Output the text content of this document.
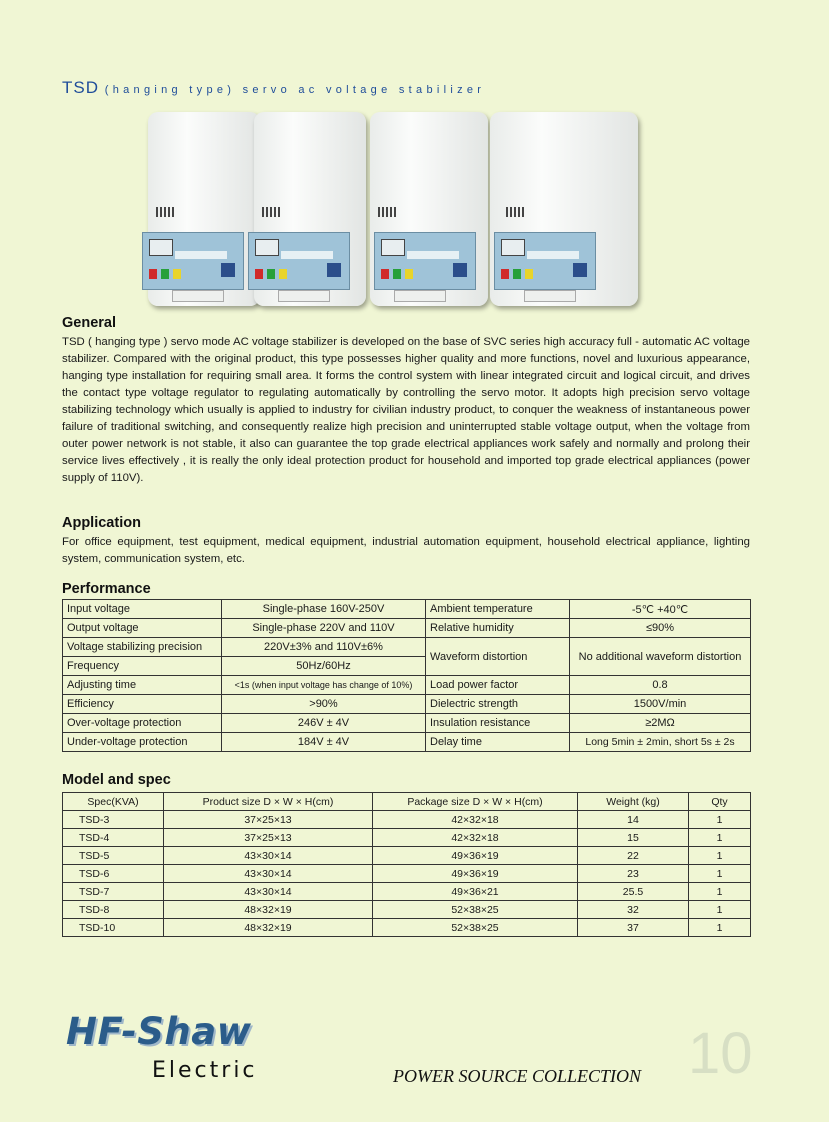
TSD (hanging type) servo ac voltage stabilizer
General
TSD ( hanging type ) servo mode AC voltage stabilizer is developed on the base of SVC series high accuracy full - automatic AC voltage stabilizer. Compared with the original product, this type possesses higher quality and more functions, novel and luxurious appearance, hanging type installation for requiring small area. It forms the control system with linear integrated circuit and logical circuit, and drives the contact type voltage regulator to regulating automatically by controlling the servo motor. It adopts high precision servo voltage stabilizing technology which usually is applied to industry for civilian industry product, to conquer the weakness of instantaneous power failure of traditional switching, and consequently realize high precision and uninterrupted stable voltage output, when the voltage from outer power network is not stable, it also can guarantee the top grade electrical appliances work safely and normally and prolong their service lives effectively , it is really the only ideal protection product for household and imported top grade electrical appliances (power supply of 110V).
Application
For office equipment, test equipment, medical equipment, industrial automation equipment, household electrical appliance, lighting system, communication system, etc.
Performance
Input voltage	Single-phase 160V-250V	Ambient temperature	-5℃ +40℃
Output voltage	Single-phase 220V and 110V	Relative humidity	≤90%
Voltage stabilizing precision	220V±3% and 110V±6%	Waveform distortion	No additional waveform distortion
Frequency	50Hz/60Hz		
Adjusting time	<1s (when input voltage has change of 10%)	Load power factor	0.8
Efficiency	>90%	Dielectric strength	1500V/min
Over-voltage protection	246V ± 4V	Insulation resistance	≥2MΩ
Under-voltage protection	184V ± 4V	Delay time	Long 5min ± 2min, short 5s ± 2s
Model and spec
Spec(KVA)	Product size D × W × H(cm)	Package size D × W × H(cm)	Weight (kg)	Qty
TSD-3	37×25×13	42×32×18	14	1
TSD-4	37×25×13	42×32×18	15	1
TSD-5	43×30×14	49×36×19	22	1
TSD-6	43×30×14	49×36×19	23	1
TSD-7	43×30×14	49×36×21	25.5	1
TSD-8	48×32×19	52×38×25	32	1
TSD-10	48×32×19	52×38×25	37	1
HF-Shaw
Electric	POWER SOURCE COLLECTION 10
